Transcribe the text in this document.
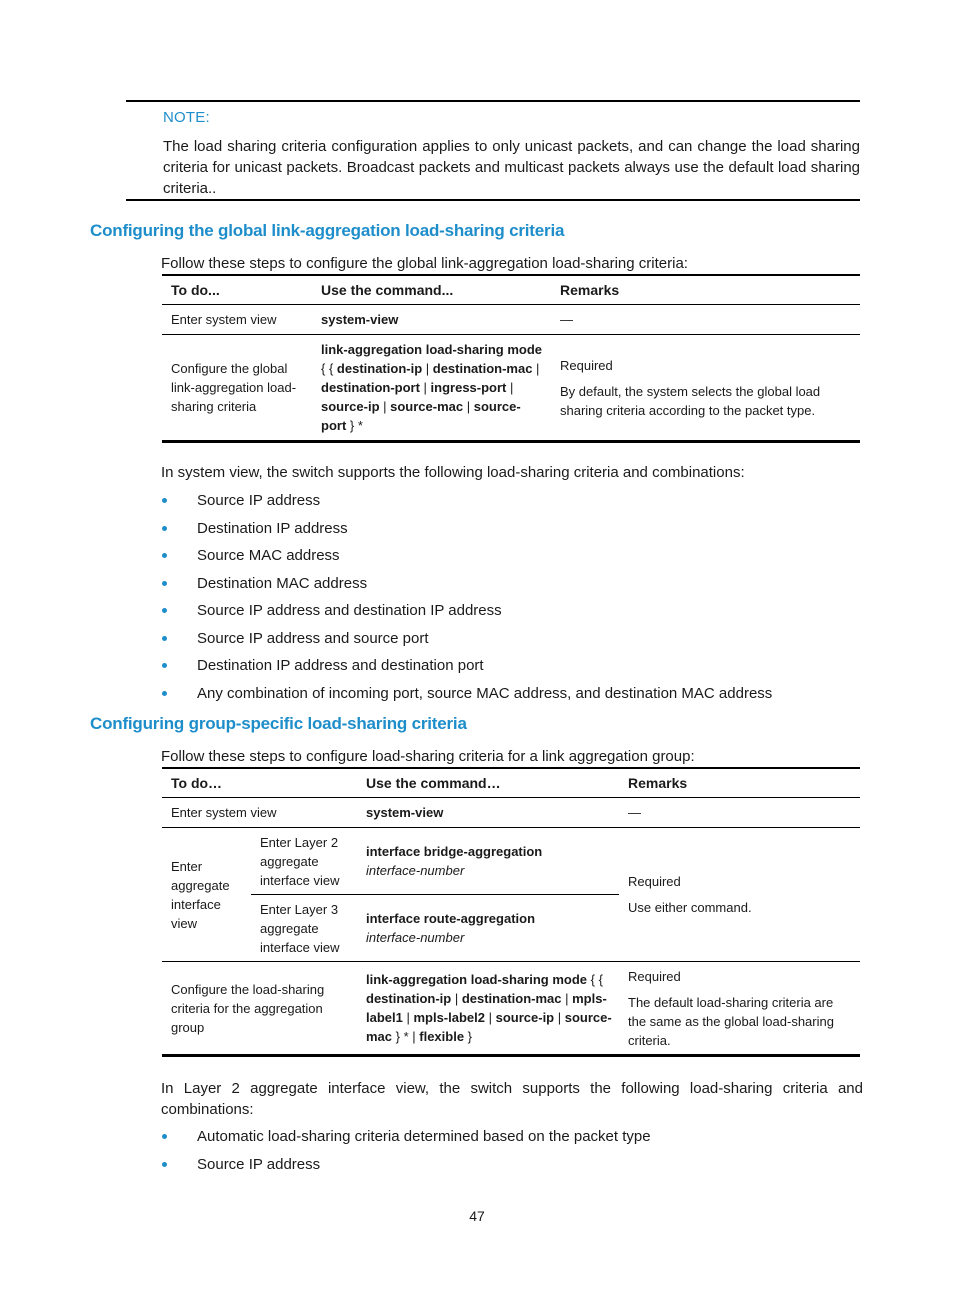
NOTE:
The load sharing criteria configuration applies to only unicast packets, and can change the load sharing criteria for unicast packets. Broadcast packets and multicast packets always use the default load sharing criteria..
Configuring the global link-aggregation load-sharing criteria
Follow these steps to configure the global link-aggregation load-sharing criteria:
To do...	Use the command...	Remarks
Enter system view	system-view	—
Configure the global link-aggregation load-sharing criteria	link-aggregation load-sharing mode { { destination-ip | destination-mac | destination-port | ingress-port | source-ip | source-mac | source-port } *	Required
By default, the system selects the global load sharing criteria according to the packet type.
In system view, the switch supports the following load-sharing criteria and combinations:
Source IP address
Destination IP address
Source MAC address
Destination MAC address
Source IP address and destination IP address
Source IP address and source port
Destination IP address and destination port
Any combination of incoming port, source MAC address, and destination MAC address
Configuring group-specific load-sharing criteria
Follow these steps to configure load-sharing criteria for a link aggregation group:
To do…		Use the command…	Remarks
Enter system view		system-view	—
Enter aggregate interface view	Enter Layer 2 aggregate interface view	interface bridge-aggregation
interface-number	Required
Use either command.

	Enter Layer 3 aggregate interface view	interface route-aggregation
interface-number	
Configure the load-sharing criteria for the aggregation group		link-aggregation load-sharing mode { { destination-ip | destination-mac | mpls-label1 | mpls-label2 | source-ip | source-mac } * | flexible }	Required
The default load-sharing criteria are the same as the global load-sharing criteria.
In Layer 2 aggregate interface view, the switch supports the following load-sharing criteria and combinations:
Automatic load-sharing criteria determined based on the packet type
Source IP address
47
